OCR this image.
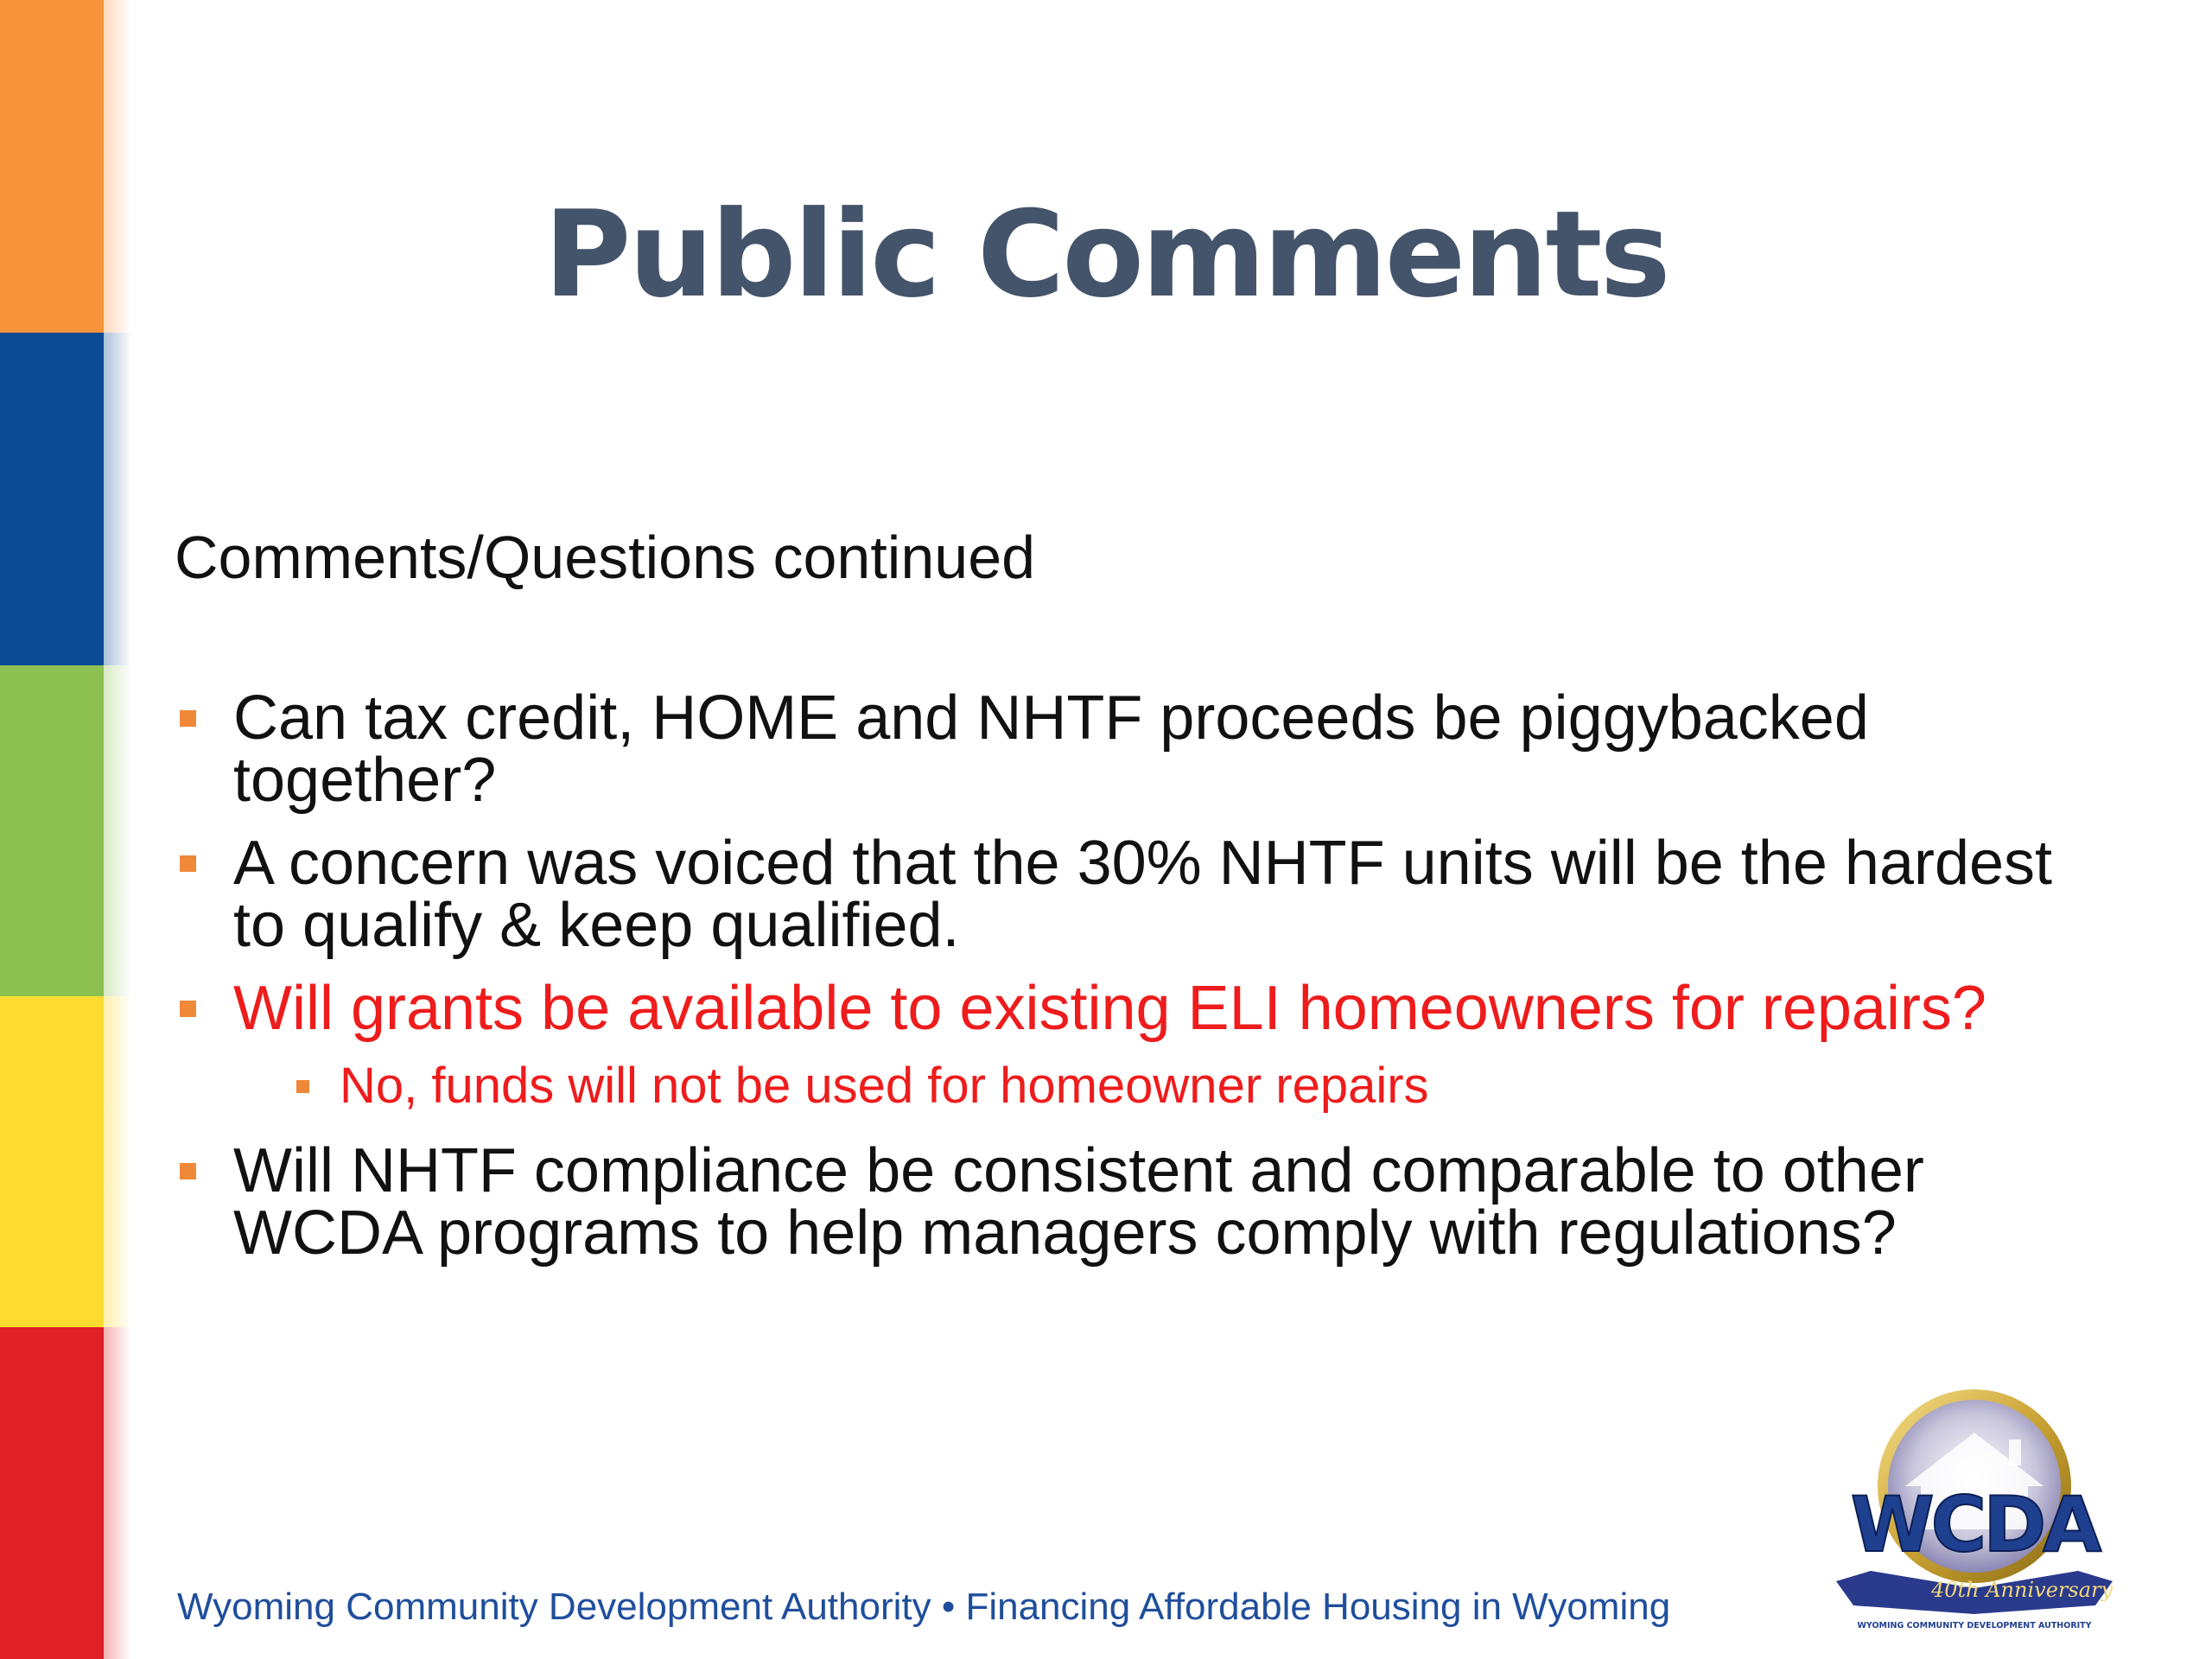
Public Comments
Comments/Questions continued
Can tax credit, HOME and NHTF proceeds be piggybacked together?
A concern was voiced that the 30% NHTF units will be the hardest to qualify & keep qualified.
Will grants be available to existing ELI homeowners for repairs?
No, funds will not be used for homeowner repairs
Will NHTF compliance be consistent and comparable to other WCDA programs to help managers comply with regulations?
Wyoming Community Development Authority • Financing Affordable Housing in Wyoming
WCDA
40th Anniversary
WYOMING COMMUNITY DEVELOPMENT AUTHORITY
